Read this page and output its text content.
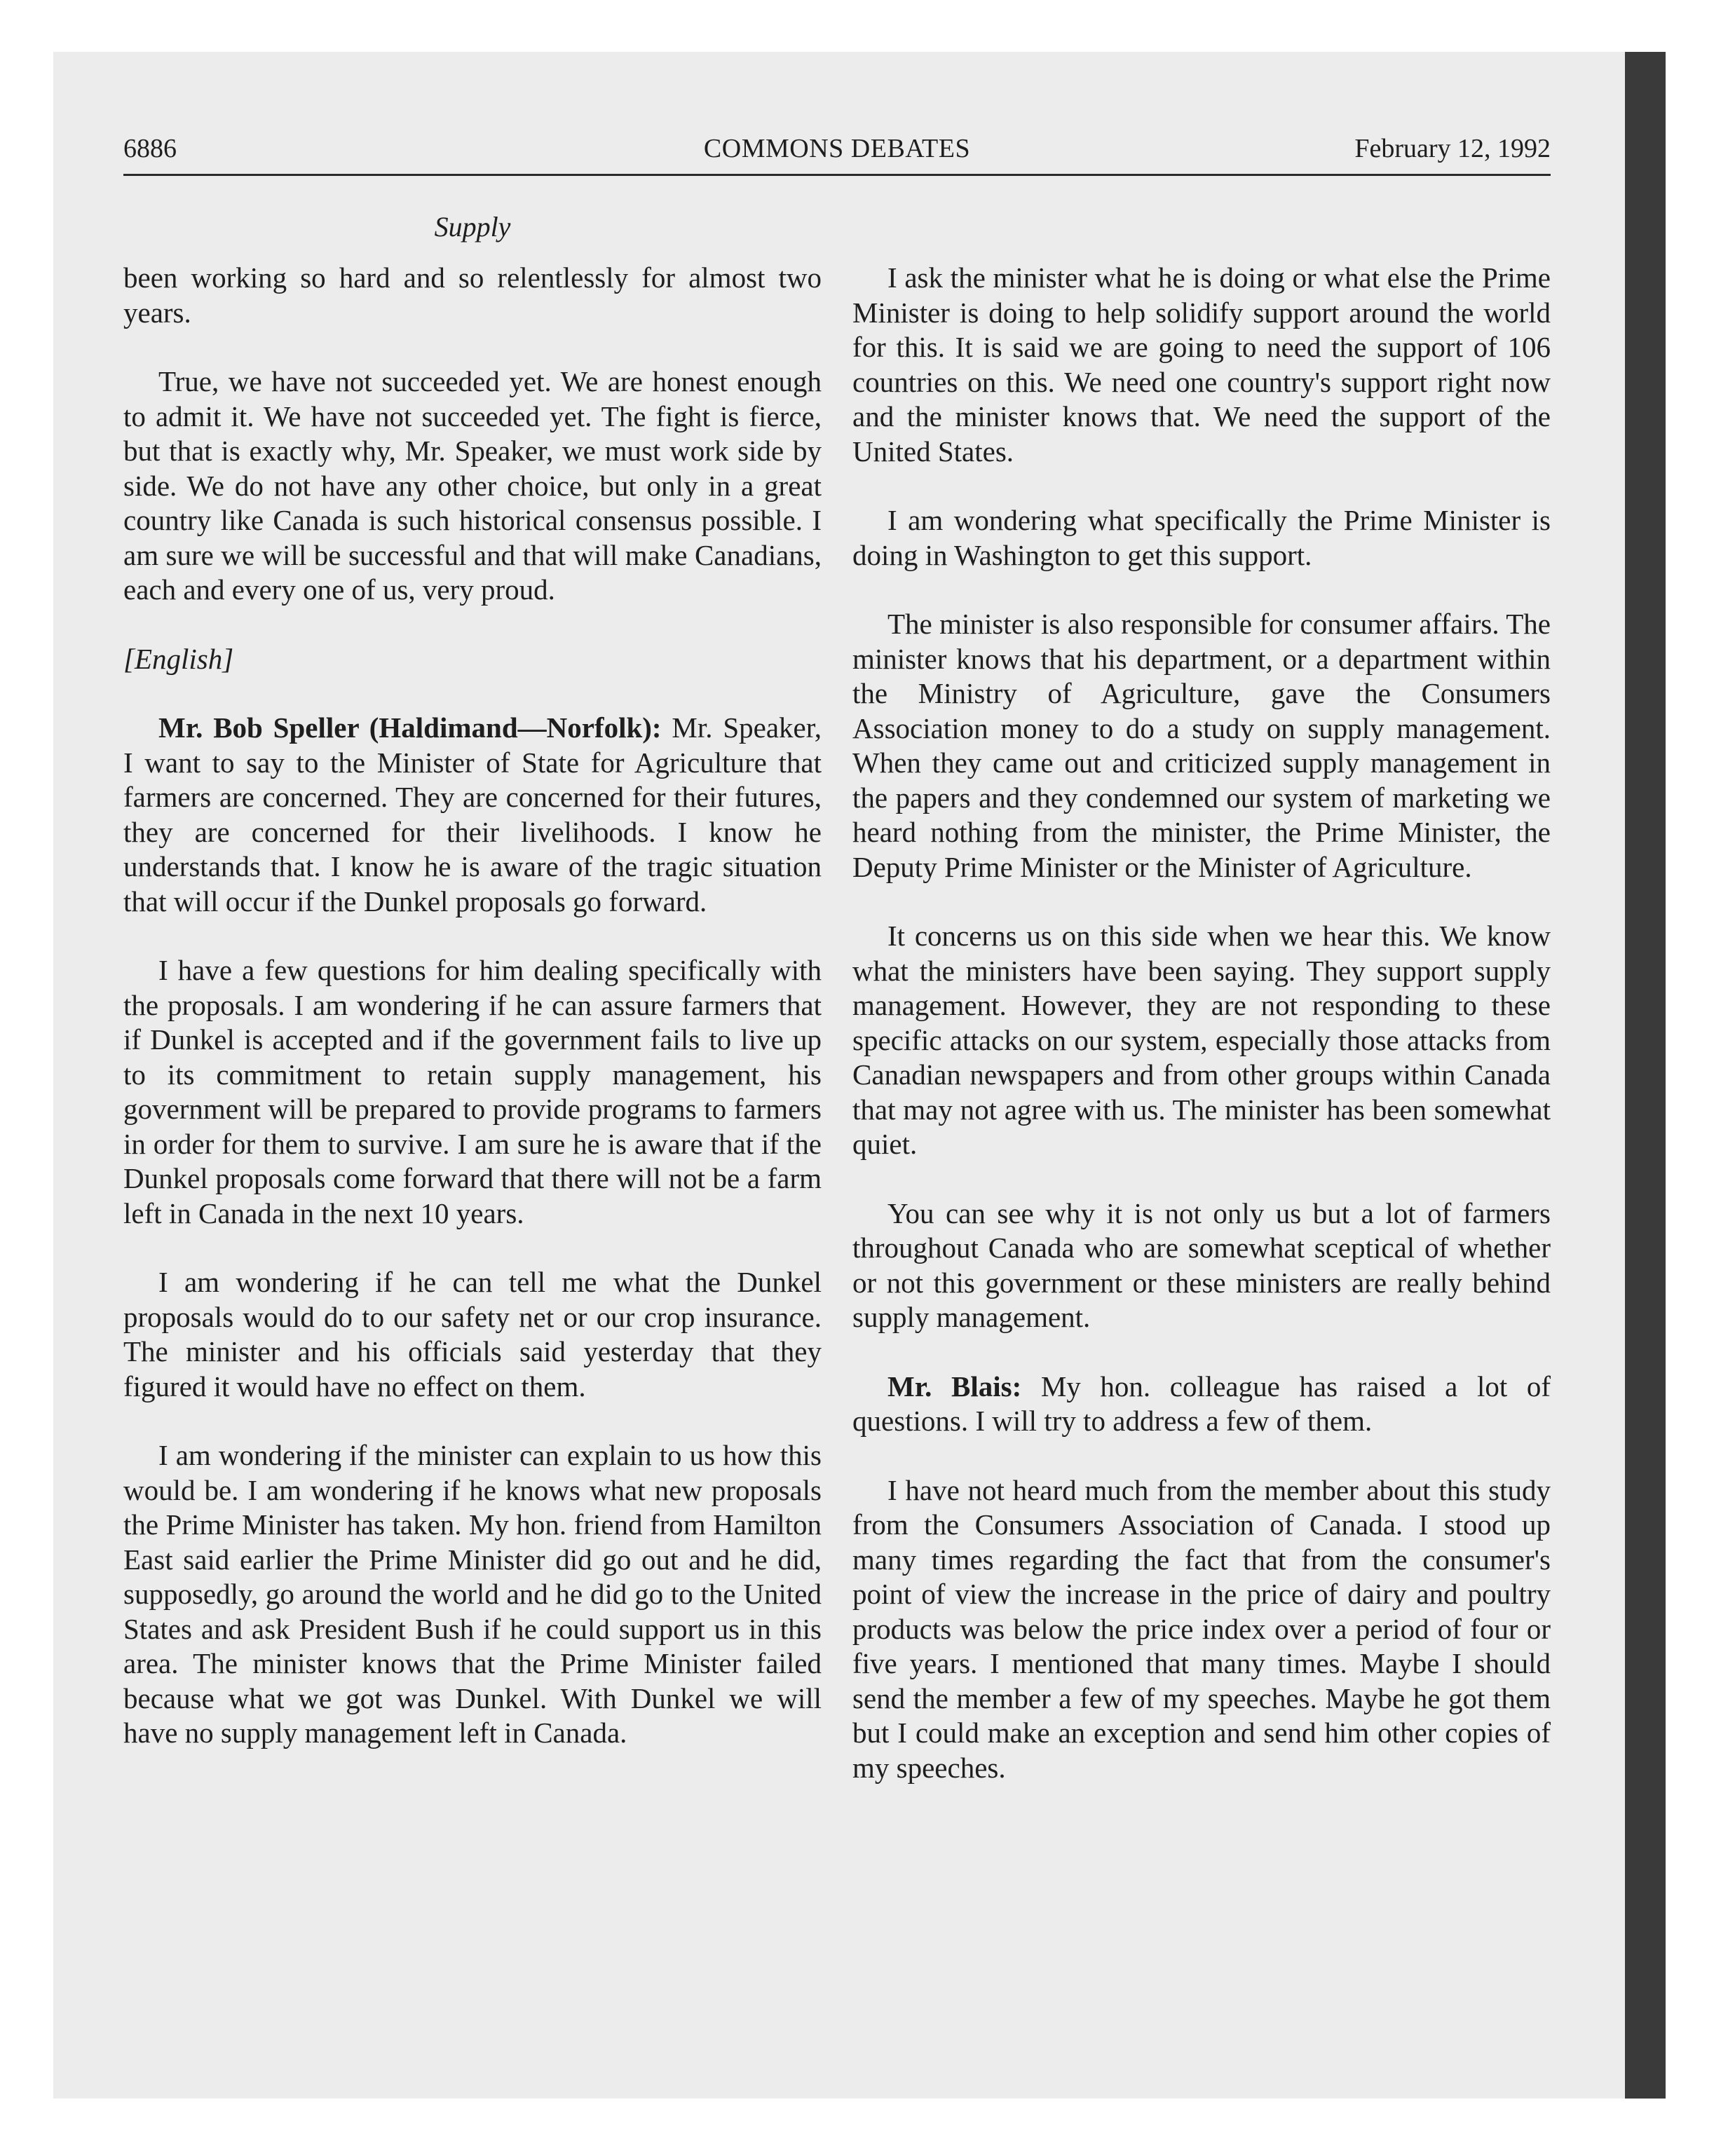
6886	COMMONS DEBATES	February 12, 1992
Supply

been working so hard and so relentlessly for almost two years.

True, we have not succeeded yet. We are honest enough to admit it. We have not succeeded yet. The fight is fierce, but that is exactly why, Mr. Speaker, we must work side by side. We do not have any other choice, but only in a great country like Canada is such historical consensus possible. I am sure we will be successful and that will make Canadians, each and every one of us, very proud.

[English]

Mr. Bob Speller (Haldimand—Norfolk): Mr. Speaker, I want to say to the Minister of State for Agriculture that farmers are concerned. They are concerned for their futures, they are concerned for their livelihoods. I know he understands that. I know he is aware of the tragic situation that will occur if the Dunkel proposals go forward.

I have a few questions for him dealing specifically with the proposals. I am wondering if he can assure farmers that if Dunkel is accepted and if the government fails to live up to its commitment to retain supply management, his government will be prepared to provide programs to farmers in order for them to survive. I am sure he is aware that if the Dunkel proposals come forward that there will not be a farm left in Canada in the next 10 years.

I am wondering if he can tell me what the Dunkel proposals would do to our safety net or our crop insurance. The minister and his officials said yesterday that they figured it would have no effect on them.

I am wondering if the minister can explain to us how this would be. I am wondering if he knows what new proposals the Prime Minister has taken. My hon. friend from Hamilton East said earlier the Prime Minister did go out and he did, supposedly, go around the world and he did go to the United States and ask President Bush if he could support us in this area. The minister knows that the Prime Minister failed because what we got was Dunkel. With Dunkel we will have no supply management left in Canada.

I ask the minister what he is doing or what else the Prime Minister is doing to help solidify support around the world for this. It is said we are going to need the support of 106 countries on this. We need one country's support right now and the minister knows that. We need the support of the United States.

I am wondering what specifically the Prime Minister is doing in Washington to get this support.

The minister is also responsible for consumer affairs. The minister knows that his department, or a department within the Ministry of Agriculture, gave the Consumers Association money to do a study on supply management. When they came out and criticized supply management in the papers and they condemned our system of marketing we heard nothing from the minister, the Prime Minister, the Deputy Prime Minister or the Minister of Agriculture.

It concerns us on this side when we hear this. We know what the ministers have been saying. They support supply management. However, they are not responding to these specific attacks on our system, especially those attacks from Canadian newspapers and from other groups within Canada that may not agree with us. The minister has been somewhat quiet.

You can see why it is not only us but a lot of farmers throughout Canada who are somewhat sceptical of whether or not this government or these ministers are really behind supply management.

Mr. Blais: My hon. colleague has raised a lot of questions. I will try to address a few of them.

I have not heard much from the member about this study from the Consumers Association of Canada. I stood up many times regarding the fact that from the consumer's point of view the increase in the price of dairy and poultry products was below the price index over a period of four or five years. I mentioned that many times. Maybe I should send the member a few of my speeches. Maybe he got them but I could make an exception and send him other copies of my speeches.
